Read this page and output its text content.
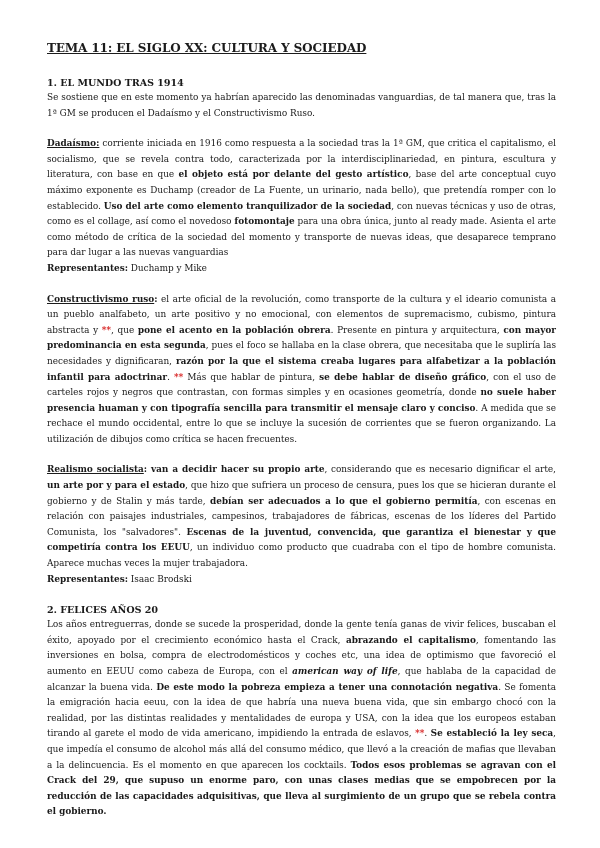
TEMA 11: EL SIGLO XX: CULTURA Y SOCIEDAD
1. EL MUNDO TRAS 1914

Se sostiene que en este momento ya habrían aparecido las denominadas vanguardias, de tal manera que, tras la 1ª GM se producen el Dadaísmo y el Constructivismo Ruso.

Dadaísmo: corriente iniciada en 1916 como respuesta a la sociedad tras la 1ª GM, que critica el capitalismo, el socialismo, que se revela contra todo, caracterizada por la interdisciplinariedad, en pintura, escultura y literatura, con base en que el objeto está por delante del gesto artístico, base del arte conceptual cuyo máximo exponente es Duchamp (creador de La Fuente, un urinario, nada bello), que pretendía romper con lo establecido. Uso del arte como elemento tranquilizador de la sociedad, con nuevas técnicas y uso de otras, como es el collage, así como el novedoso fotomontaje para una obra única, junto al ready made. Asienta el arte como método de crítica de la sociedad del momento y transporte de nuevas ideas, que desaparece temprano para dar lugar a las nuevas vanguardias

Representantes: Duchamp y Mike

Constructivismo ruso: el arte oficial de la revolución, como transporte de la cultura y el ideario comunista a un pueblo analfabeto, un arte positivo y no emocional, con elementos de supremacismo, cubismo, pintura abstracta y **, que pone el acento en la población obrera. Presente en pintura y arquitectura, con mayor predominancia en esta segunda, pues el foco se hallaba en la clase obrera, que necesitaba que le supliría las necesidades y dignificaran, razón por la que el sistema creaba lugares para alfabetizar a la población infantil para adoctrinar. ** Más que hablar de pintura, se debe hablar de diseño gráfico, con el uso de carteles rojos y negros que contrastan, con formas simples y en ocasiones geometría, donde no suele haber presencia huaman y con tipografía sencilla para transmitir el mensaje claro y conciso. A medida que se rechace el mundo occidental, entre lo que se incluye la sucesión de corrientes que se fueron organizando. La utilización de dibujos como crítica se hacen frecuentes.

Realismo socialista: van a decidir hacer su propio arte, considerando que es necesario dignificar el arte, un arte por y para el estado, que hizo que sufriera un proceso de censura, pues los que se hicieran durante el gobierno y de Stalin y más tarde, debían ser adecuados a lo que el gobierno permitía, con escenas en relación con paisajes industriales, campesinos, trabajadores de fábricas, escenas de los líderes del Partido Comunista, los "salvadores". Escenas de la juventud, convencida, que garantiza el bienestar y que competiría contra los EEUU, un individuo como producto que cuadraba con el tipo de hombre comunista. Aparece muchas veces la mujer trabajadora.

Representantes: Isaac Brodski

2. FELICES AÑOS 20

Los años entreguerras, donde se sucede la prosperidad, donde la gente tenía ganas de vivir felices, buscaban el éxito, apoyado por el crecimiento económico hasta el Crack, abrazando el capitalismo, fomentando las inversiones en bolsa, compra de electrodomésticos y coches etc, una idea de optimismo que favoreció el aumento en EEUU como cabeza de Europa, con el american way of life, que hablaba de la capacidad de alcanzar la buena vida. De este modo la pobreza empieza a tener una connotación negativa. Se fomenta la emigración hacia eeuu, con la idea de que habría una nueva buena vida, que sin embargo chocó con la realidad, por las distintas realidades y mentalidades de europa y USA, con la idea que los europeos estaban tirando al garete el modo de vida americano, impidiendo la entrada de eslavos, **. Se estableció la ley seca, que impedía el consumo de alcohol más allá del consumo médico, que llevó a la creación de mafias que llevaban a la delincuencia. Es el momento en que aparecen los cocktails. Todos esos problemas se agravan con el Crack del 29, que supuso un enorme paro, con unas clases medias que se empobrecen por la reducción de las capacidades adquisitivas, que lleva al surgimiento de un grupo que se rebela contra el gobierno.
